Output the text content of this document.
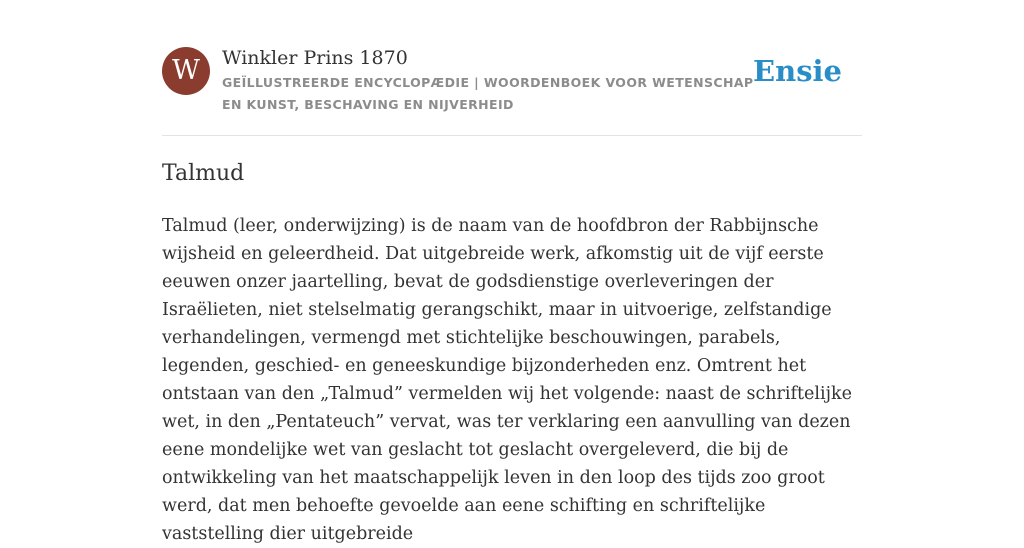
W	Winkler Prins 1870
GEÏLLUSTREERDE ENCYCLOPÆDIE | WOORDENBOEK VOOR WETENSCHAP EN KUNST, BESCHAVING EN NIJVERHEID
Ensie
Talmud

Talmud (leer, onderwijzing) is de naam van de hoofdbron der Rabbijnsche wijsheid en geleerdheid. Dat uitgebreide werk, afkomstig uit de vijf eerste eeuwen onzer jaartelling, bevat de godsdienstige overleveringen der Israëlieten, niet stelselmatig gerangschikt, maar in uitvoerige, zelfstandige verhandelingen, vermengd met stichtelijke beschouwingen, parabels, legenden, geschied- en geneeskundige bijzonderheden enz. Omtrent het ontstaan van den „Talmud” vermelden wij het volgende: naast de schriftelijke wet, in den „Pentateuch” vervat, was ter verklaring een aanvulling van dezen eene mondelijke wet van geslacht tot geslacht overgeleverd, die bij de ontwikkeling van het maatschappelijk leven in den loop des tijds zoo groot werd, dat men behoefte gevoelde aan eene schifting en schriftelijke vaststelling dier uitgebreide
